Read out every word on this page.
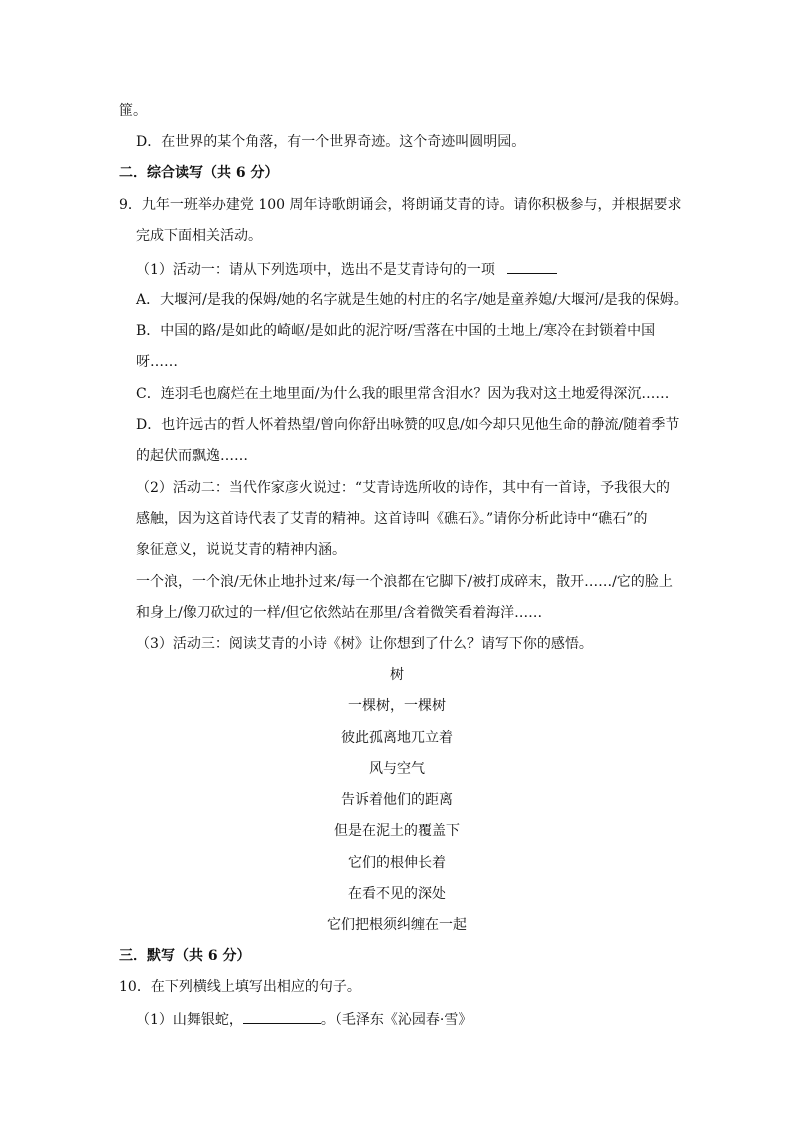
篚。
D．在世界的某个角落，有一个世界奇迹。这个奇迹叫圆明园。
二．综合读写（共 6 分）
9．九年一班举办建党 100 周年诗歌朗诵会，将朗诵艾青的诗。请你积极参与，并根据要求
完成下面相关活动。
（1）活动一：请从下列选项中，选出不是艾青诗句的一项
A．大堰河/是我的保姆/她的名字就是生她的村庄的名字/她是童养媳/大堰河/是我的保姆。
B．中国的路/是如此的崎岖/是如此的泥泞呀/雪落在中国的土地上/寒冷在封锁着中国
呀……
C．连羽毛也腐烂在土地里面/为什么我的眼里常含泪水？因为我对这土地爱得深沉……
D．也许远古的哲人怀着热望/曾向你舒出咏赞的叹息/如今却只见他生命的静流/随着季节
的起伏而飘逸……
（2）活动二：当代作家彦火说过：“艾青诗选所收的诗作，其中有一首诗，予我很大的
感触，因为这首诗代表了艾青的精神。这首诗叫《礁石》。”请你分析此诗中“礁石”的
象征意义，说说艾青的精神内涵。
一个浪，一个浪/无休止地扑过来/每一个浪都在它脚下/被打成碎末，散开……/它的脸上
和身上/像刀砍过的一样/但它依然站在那里/含着微笑看着海洋……
（3）活动三：阅读艾青的小诗《树》让你想到了什么？请写下你的感悟。
树
一棵树，一棵树
彼此孤离地兀立着
风与空气
告诉着他们的距离
但是在泥土的覆盖下
它们的根伸长着
在看不见的深处
它们把根须纠缠在一起
三．默写（共 6 分）
10．在下列横线上填写出相应的句子。
（1）山舞银蛇，	。（毛泽东《沁园春·雪》
